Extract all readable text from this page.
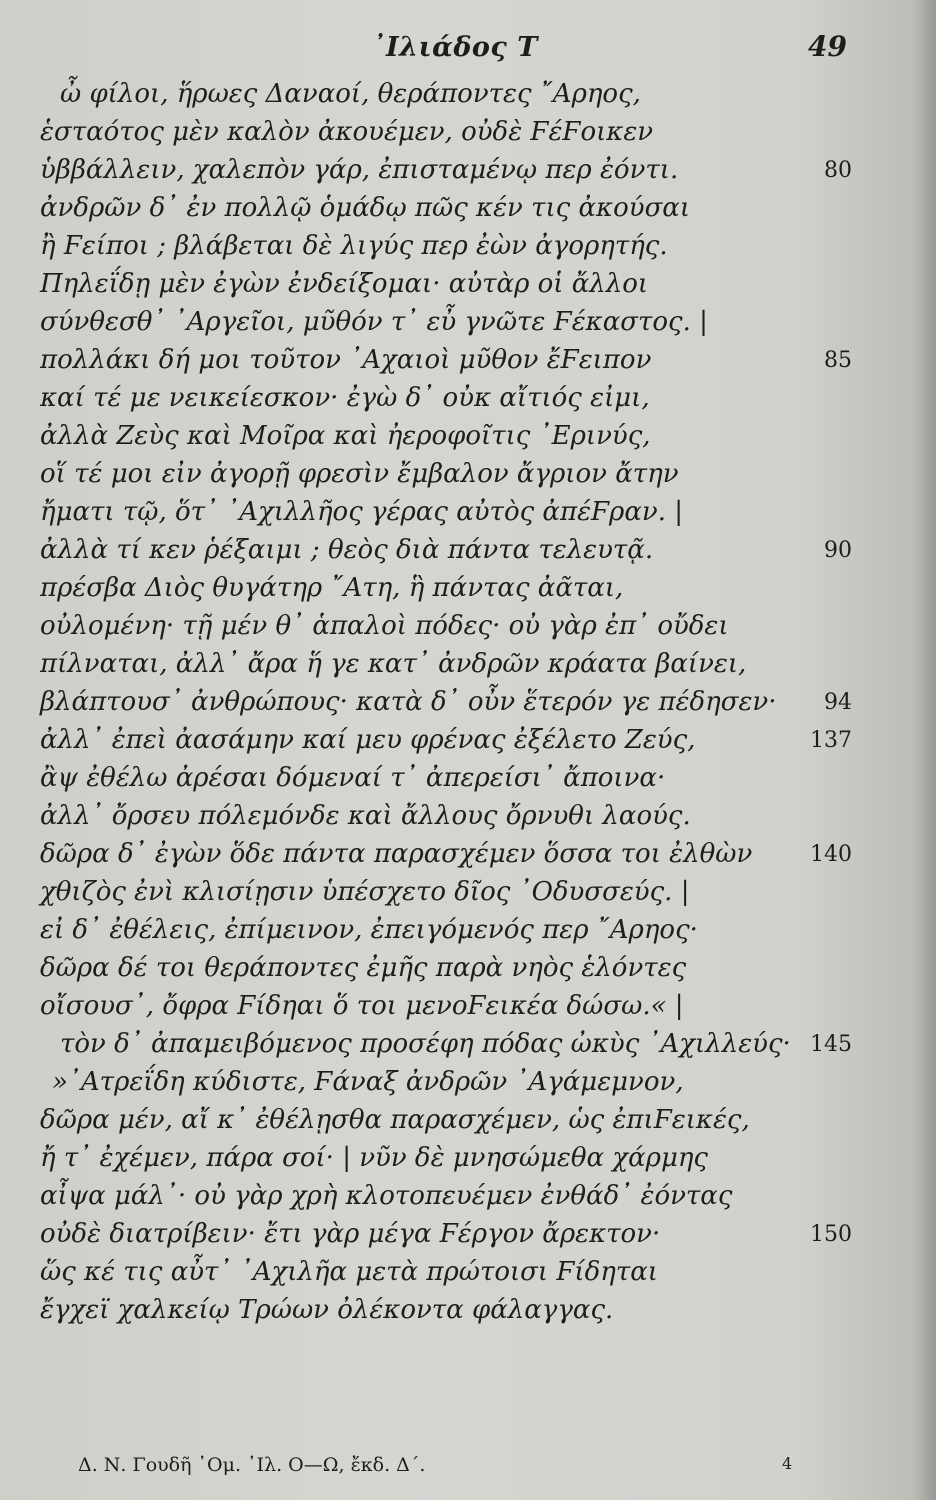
᾿Ιλιάδος Τ	49
ὦ φίλοι, ἥρωες Δαναοί, θεράποντες ῎Αρηος,
ἑσταότος μὲν καλὸν ἀκουέμεν, οὐδὲ ϜέϜοικεν
ὑββάλλειν, χαλεπὸν γάρ, ἐπισταμένῳ περ ἐόντι.	80
ἀνδρῶν δ᾿ ἐν πολλῷ ὁμάδῳ πῶς κέν τις ἀκούσαι
ἢ Ϝείποι ; βλάβεται δὲ λιγύς περ ἐὼν ἀγορητής.
Πηλεΐδῃ μὲν ἐγὼν ἐνδείξομαι· αὐτὰρ οἱ ἄλλοι
σύνθεσθ᾿ ᾿Αργεῖοι, μῦθόν τ᾿ εὖ γνῶτε Ϝέκαστος. |
πολλάκι δή μοι τοῦτον ᾿Αχαιοὶ μῦθον ἔϜειπον	85
καί τέ με νεικείεσκον· ἐγὼ δ᾿ οὐκ αἴτιός εἰμι,
ἀλλὰ Ζεὺς καὶ Μοῖρα καὶ ἠεροφοῖτις ᾿Ερινύς,
οἵ τέ μοι εἰν ἀγορῇ φρεσὶν ἔμβαλον ἄγριον ἄτην
ἤματι τῷ, ὅτ᾿ ᾿Αχιλλῆος γέρας αὐτὸς ἀπέϜραν. |
ἀλλὰ τί κεν ῥέξαιμι ; θεὸς διὰ πάντα τελευτᾷ.	90
πρέσβα Διὸς θυγάτηρ ῎Ατη, ἣ πάντας ἀᾶται,
οὐλομένη· τῇ μέν θ᾿ ἁπαλοὶ πόδες· οὐ γὰρ ἐπ᾿ οὔδει
πίλναται, ἀλλ᾿ ἄρα ἥ γε κατ᾿ ἀνδρῶν κράατα βαίνει,
βλάπτουσ᾿ ἀνθρώπους· κατὰ δ᾿ οὖν ἕτερόν γε πέδησεν· 94
ἀλλ᾿ ἐπεὶ ἀασάμην καί μευ φρένας ἐξέλετο Ζεύς,	137
ἂψ ἐθέλω ἀρέσαι δόμεναί τ᾿ ἀπερείσι᾿ ἄποινα·
ἀλλ᾿ ὄρσευ πόλεμόνδε καὶ ἄλλους ὄρνυθι λαούς.
δῶρα δ᾿ ἐγὼν ὅδε πάντα παρασχέμεν ὅσσα τοι ἐλθὼν	140
χθιζὸς ἐνὶ κλισίῃσιν ὑπέσχετο δῖος ᾿Οδυσσεύς. |
εἰ δ᾿ ἐθέλεις, ἐπίμεινον, ἐπειγόμενός περ ῎Αρηος·
δῶρα δέ τοι θεράποντες ἐμῆς παρὰ νηὸς ἑλόντες
οἴσουσ᾿, ὄφρα Ϝίδηαι ὅ τοι μενοϜεικέα δώσω.« |
τὸν δ᾿ ἀπαμειβόμενος προσέφη πόδας ὠκὺς ᾿Αχιλλεύς· 145
»᾿Ατρεΐδη κύδιστε, Ϝάναξ ἀνδρῶν ᾿Αγάμεμνον,
δῶρα μέν, αἴ κ᾿ ἐθέλῃσθα παρασχέμεν, ὡς ἐπιϜεικές,
ἤ τ᾿ ἐχέμεν, πάρα σοί· | νῦν δὲ μνησώμεθα χάρμης
αἶψα μάλ᾿· οὐ γὰρ χρὴ κλοτοπευέμεν ἐνθάδ᾿ ἐόντας
οὐδὲ διατρίβειν· ἔτι γὰρ μέγα Ϝέργον ἄρεκτον·	150
ὥς κέ τις αὖτ᾿ ᾿Αχιλῆα μετὰ πρώτοισι Ϝίδηται
ἔγχεϊ χαλκείῳ Τρώων ὀλέκοντα φάλαγγας.
Δ. Ν. Γουδῆ ῾Ομ. ᾿Ιλ. Ο—Ω, ἔκδ. Δ΄.	4
